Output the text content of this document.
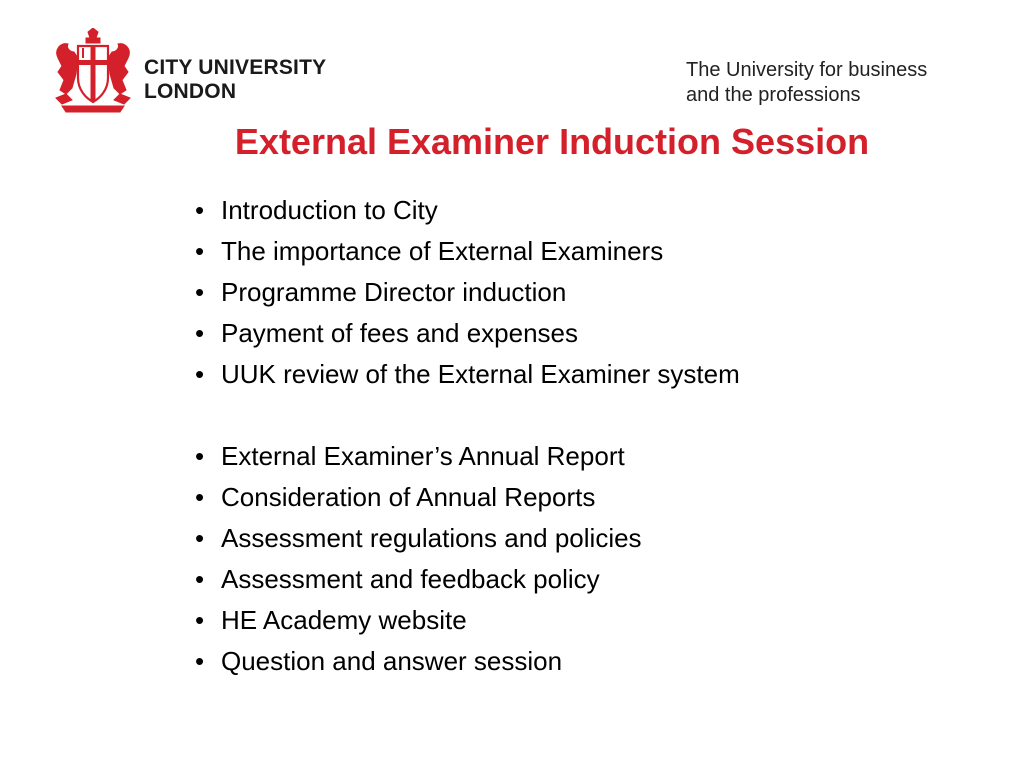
CITY UNIVERSITY

LONDON
The University for business
and the professions
External Examiner Induction Session
• Introduction to City
• The importance of External Examiners
• Programme Director induction
• Payment of fees and expenses
• UUK review of the External Examiner system
• External Examiner’s Annual Report
• Consideration of Annual Reports
• Assessment regulations and policies
• Assessment and feedback policy
• HE Academy website
• Question and answer session
